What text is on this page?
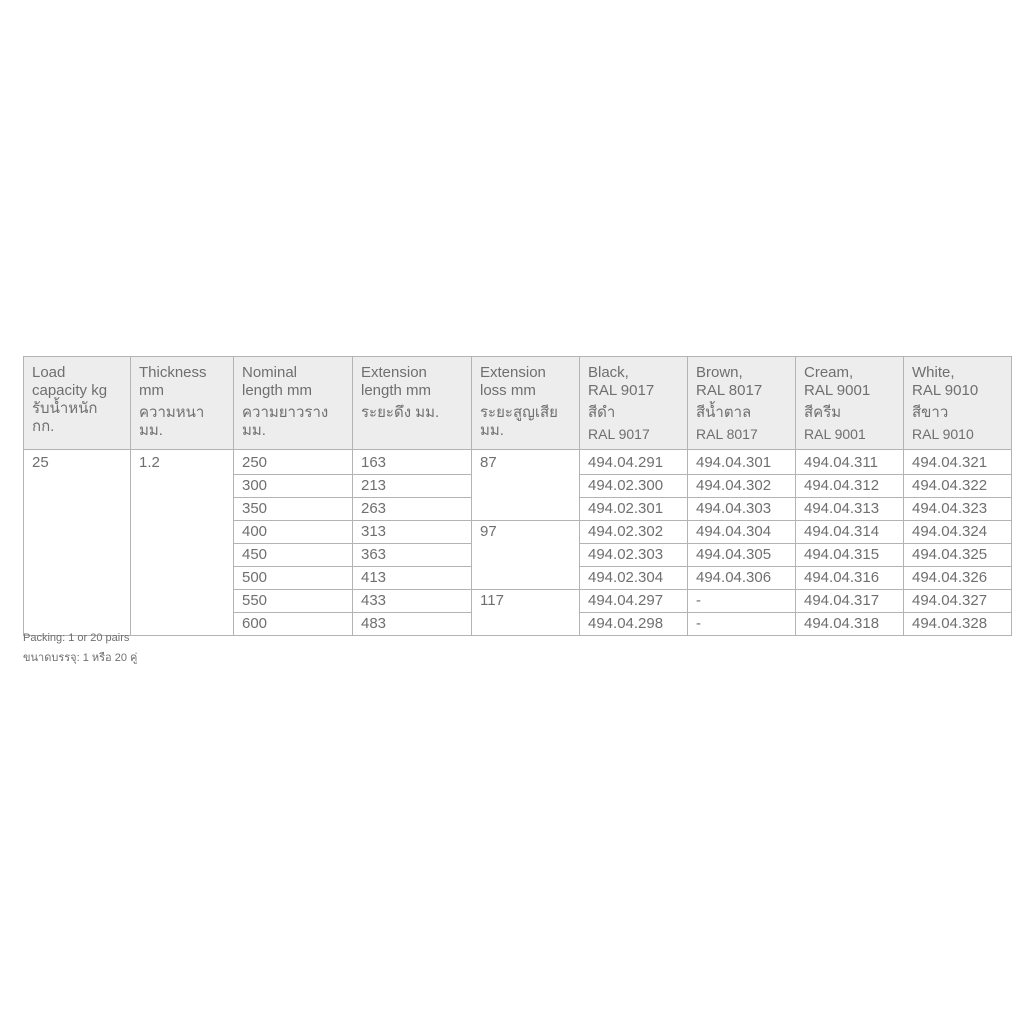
Load
capacity kg
รับน้ำหนัก
กก.	Thickness
mm
ความหนา
มม.	Nominal
length mm
ความยาวราง
มม.	Extension
length mm
ระยะดึง มม.	Extension
loss mm
ระยะสูญเสีย
มม.	Black,
RAL 9017
สีดำ
RAL 9017	Brown,
RAL 8017
สีน้ำตาล
RAL 8017	Cream,
RAL 9001
สีครีม
RAL 9001	White,
RAL 9010
สีขาว
RAL 9010

25	1.2	250	163	87	494.04.291	494.04.301	494.04.311	494.04.321
		300	213		494.02.300	494.04.302	494.04.312	494.04.322
		350	263		494.02.301	494.04.303	494.04.313	494.04.323
		400	313	97	494.02.302	494.04.304	494.04.314	494.04.324
		450	363		494.02.303	494.04.305	494.04.315	494.04.325
		500	413		494.02.304	494.04.306	494.04.316	494.04.326
		550	433	117	494.04.297	-	494.04.317	494.04.327
		600	483		494.04.298	-	494.04.318	494.04.328
Packing: 1 or 20 pairs
ขนาดบรรจุ: 1 หรือ 20 คู่
